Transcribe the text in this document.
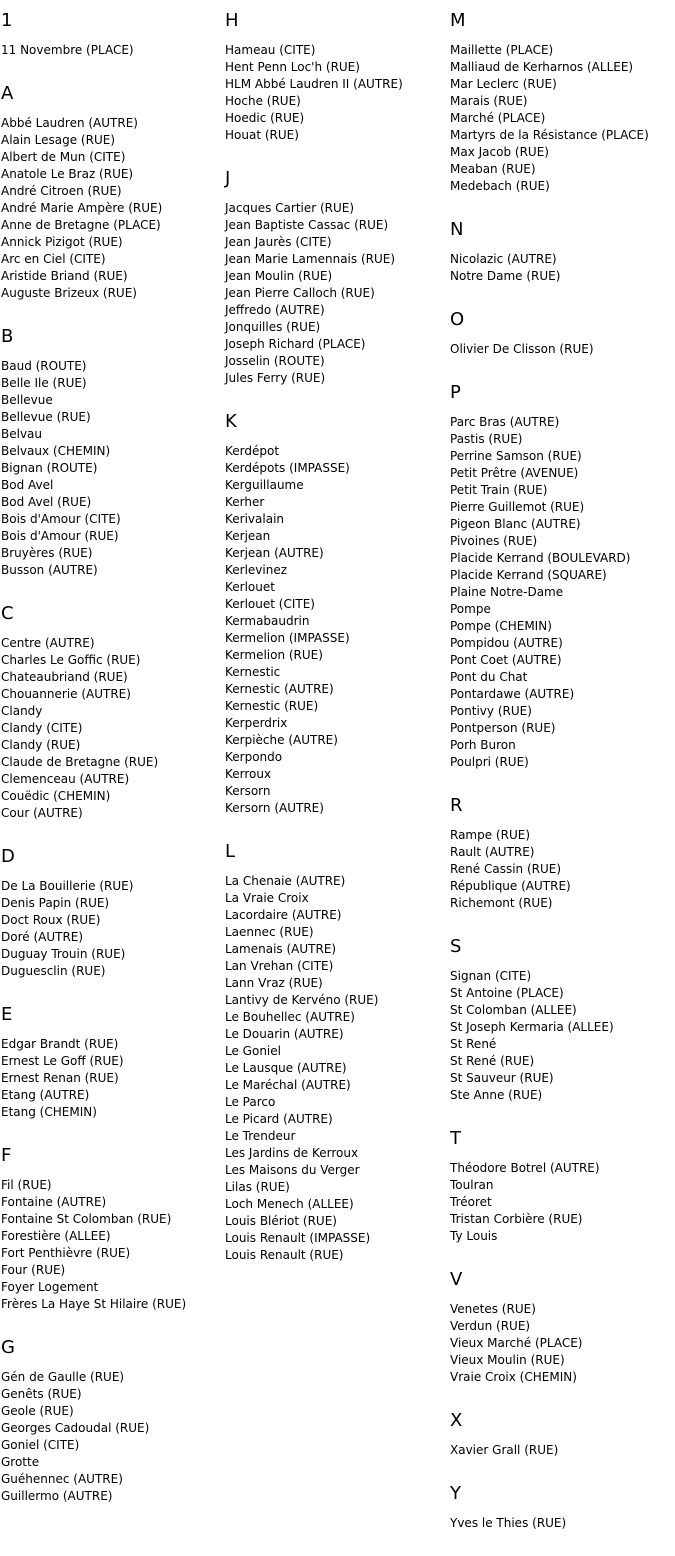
1
11 Novembre (PLACE)
A
Abbé Laudren (AUTRE)
Alain Lesage (RUE)
Albert de Mun (CITE)
Anatole Le Braz (RUE)
André Citroen (RUE)
André Marie Ampère (RUE)
Anne de Bretagne (PLACE)
Annick Pizigot (RUE)
Arc en Ciel (CITE)
Aristide Briand (RUE)
Auguste Brizeux (RUE)
B
Baud (ROUTE)
Belle Ile (RUE)
Bellevue
Bellevue (RUE)
Belvau
Belvaux (CHEMIN)
Bignan (ROUTE)
Bod Avel
Bod Avel (RUE)
Bois d'Amour (CITE)
Bois d'Amour (RUE)
Bruyères (RUE)
Busson (AUTRE)
C
Centre (AUTRE)
Charles Le Goffic (RUE)
Chateaubriand (RUE)
Chouannerie (AUTRE)
Clandy
Clandy (CITE)
Clandy (RUE)
Claude de Bretagne (RUE)
Clemenceau (AUTRE)
Couëdic (CHEMIN)
Cour (AUTRE)
D
De La Bouillerie (RUE)
Denis Papin (RUE)
Doct Roux (RUE)
Doré (AUTRE)
Duguay Trouin (RUE)
Duguesclin (RUE)
E
Edgar Brandt (RUE)
Ernest Le Goff (RUE)
Ernest Renan (RUE)
Etang (AUTRE)
Etang (CHEMIN)
F
Fil (RUE)
Fontaine (AUTRE)
Fontaine St Colomban (RUE)
Forestière (ALLEE)
Fort Penthièvre (RUE)
Four (RUE)
Foyer Logement
Frères La Haye St Hilaire (RUE)
G
Gén de Gaulle (RUE)
Genêts (RUE)
Geole (RUE)
Georges Cadoudal (RUE)
Goniel (CITE)
Grotte
Guéhennec (AUTRE)
Guillermo (AUTRE)
H
Hameau (CITE)
Hent Penn Loc'h (RUE)
HLM Abbé Laudren II (AUTRE)
Hoche (RUE)
Hoedic (RUE)
Houat (RUE)
J
Jacques Cartier (RUE)
Jean Baptiste Cassac (RUE)
Jean Jaurès (CITE)
Jean Marie Lamennais (RUE)
Jean Moulin (RUE)
Jean Pierre Calloch (RUE)
Jeffredo (AUTRE)
Jonquilles (RUE)
Joseph Richard (PLACE)
Josselin (ROUTE)
Jules Ferry (RUE)
K
Kerdépot
Kerdépots (IMPASSE)
Kerguillaume
Kerher
Kerivalain
Kerjean
Kerjean (AUTRE)
Kerlevinez
Kerlouet
Kerlouet (CITE)
Kermabaudrin
Kermelion (IMPASSE)
Kermelion (RUE)
Kernestic
Kernestic (AUTRE)
Kernestic (RUE)
Kerperdrix
Kerpièche (AUTRE)
Kerpondo
Kerroux
Kersorn
Kersorn (AUTRE)
L
La Chenaie (AUTRE)
La Vraie Croix
Lacordaire (AUTRE)
Laennec (RUE)
Lamenais (AUTRE)
Lan Vrehan (CITE)
Lann Vraz (RUE)
Lantivy de Kervéno (RUE)
Le Bouhellec (AUTRE)
Le Douarin (AUTRE)
Le Goniel
Le Lausque (AUTRE)
Le Maréchal (AUTRE)
Le Parco
Le Picard (AUTRE)
Le Trendeur
Les Jardins de Kerroux
Les Maisons du Verger
Lilas (RUE)
Loch Menech (ALLEE)
Louis Blériot (RUE)
Louis Renault (IMPASSE)
Louis Renault (RUE)
M
Maillette (PLACE)
Malliaud de Kerharnos (ALLEE)
Mar Leclerc (RUE)
Marais (RUE)
Marché (PLACE)
Martyrs de la Résistance (PLACE)
Max Jacob (RUE)
Meaban (RUE)
Medebach (RUE)
N
Nicolazic (AUTRE)
Notre Dame (RUE)
O
Olivier De Clisson (RUE)
P
Parc Bras (AUTRE)
Pastis (RUE)
Perrine Samson (RUE)
Petit Prêtre (AVENUE)
Petit Train (RUE)
Pierre Guillemot (RUE)
Pigeon Blanc (AUTRE)
Pivoines (RUE)
Placide Kerrand (BOULEVARD)
Placide Kerrand (SQUARE)
Plaine Notre-Dame
Pompe
Pompe (CHEMIN)
Pompidou (AUTRE)
Pont Coet (AUTRE)
Pont du Chat
Pontardawe (AUTRE)
Pontivy (RUE)
Pontperson (RUE)
Porh Buron
Poulpri (RUE)
R
Rampe (RUE)
Rault (AUTRE)
René Cassin (RUE)
République (AUTRE)
Richemont (RUE)
S
Signan (CITE)
St Antoine (PLACE)
St Colomban (ALLEE)
St Joseph Kermaria (ALLEE)
St René
St René (RUE)
St Sauveur (RUE)
Ste Anne (RUE)
T
Théodore Botrel (AUTRE)
Toulran
Tréoret
Tristan Corbière (RUE)
Ty Louis
V
Venetes (RUE)
Verdun (RUE)
Vieux Marché (PLACE)
Vieux Moulin (RUE)
Vraie Croix (CHEMIN)
X
Xavier Grall (RUE)
Y
Yves le Thies (RUE)
